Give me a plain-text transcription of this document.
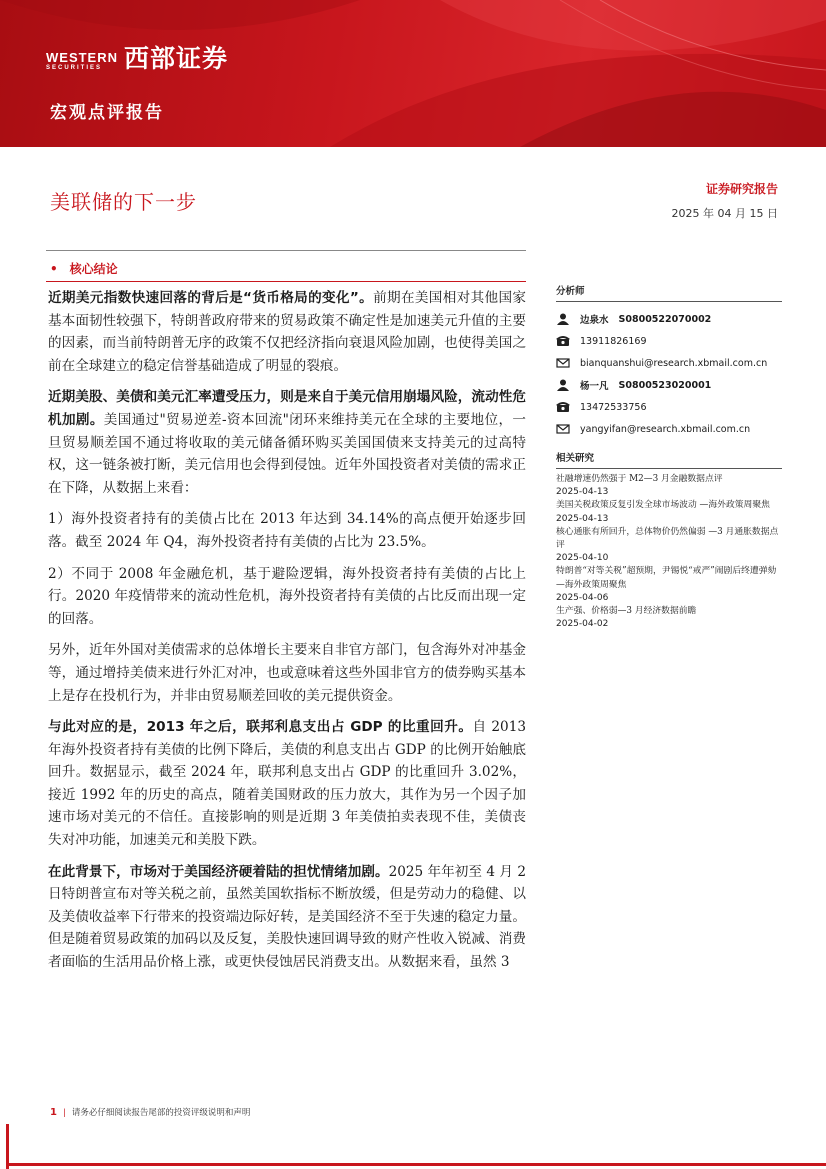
WESTERN
SECURITIES 西部证券
宏观点评报告
美联储的下一步
证券研究报告
2025 年 04 月 15 日
• 核心结论

近期美元指数快速回落的背后是“货币格局的变化”。前期在美国相对其他国家基本面韧性较强下，特朗普政府带来的贸易政策不确定性是加速美元升值的主要的因素，而当前特朗普无序的政策不仅把经济指向衰退风险加剧，也使得美国之前在全球建立的稳定信誉基础造成了明显的裂痕。

近期美股、美债和美元汇率遭受压力，则是来自于美元信用崩塌风险，流动性危机加剧。美国通过"贸易逆差-资本回流"闭环来维持美元在全球的主要地位，一旦贸易顺差国不通过将收取的美元储备循环购买美国国债来支持美元的过高特权，这一链条被打断，美元信用也会得到侵蚀。近年外国投资者对美债的需求正在下降，从数据上来看：

1）海外投资者持有的美债占比在 2013 年达到 34.14%的高点便开始逐步回落。截至 2024 年 Q4，海外投资者持有美债的占比为 23.5%。

2）不同于 2008 年金融危机，基于避险逻辑，海外投资者持有美债的占比上行。2020 年疫情带来的流动性危机，海外投资者持有美债的占比反而出现一定的回落。

另外，近年外国对美债需求的总体增长主要来自非官方部门，包含海外对冲基金等，通过增持美债来进行外汇对冲，也或意味着这些外国非官方的债券购买基本上是存在投机行为，并非由贸易顺差回收的美元提供资金。

与此对应的是，2013 年之后，联邦利息支出占 GDP 的比重回升。自 2013 年海外投资者持有美债的比例下降后，美债的利息支出占 GDP 的比例开始触底回升。数据显示，截至 2024 年，联邦利息支出占 GDP 的比重回升 3.02%，接近 1992 年的历史的高点，随着美国财政的压力放大，其作为另一个因子加速市场对美元的不信任。直接影响的则是近期 3 年美债拍卖表现不佳，美债丧失对冲功能，加速美元和美股下跌。

在此背景下，市场对于美国经济硬着陆的担忧情绪加剧。2025 年年初至 4 月 2 日特朗普宣布对等关税之前，虽然美国软指标不断放缓，但是劳动力的稳健、以及美债收益率下行带来的投资端边际好转，是美国经济不至于失速的稳定力量。但是随着贸易政策的加码以及反复，美股快速回调导致的财产性收入锐减、消费者面临的生活用品价格上涨，或更快侵蚀居民消费支出。从数据来看，虽然 3

分析师
边泉水 S0800522070002
13911826169
bianquanshui@research.xbmail.com.cn
杨一凡 S0800523020001
13472533756
yangyifan@research.xbmail.com.cn
相关研究
社融增速仍然强于 M2—3 月金融数据点评
2025-04-13
美国关税政策反复引发全球市场波动 —海外政策周聚焦
2025-04-13
核心通胀有所回升，总体物价仍然偏弱 —3 月通胀数据点评
2025-04-10
特朗普“对等关税”超预期，尹锡悦“戒严”闹剧后终遭弹劾—海外政策周聚焦
2025-04-06
生产强、价格弱—3 月经济数据前瞻
2025-04-02
1 | 请务必仔细阅读报告尾部的投资评级说明和声明
